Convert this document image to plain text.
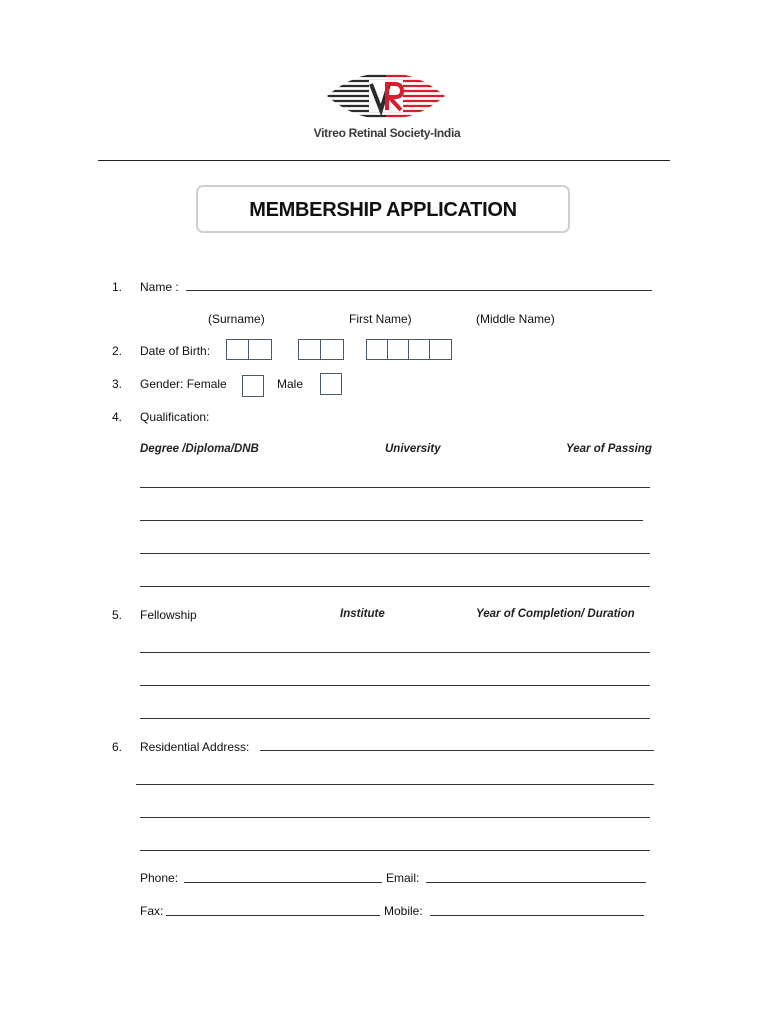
Vitreo Retinal Society-India
MEMBERSHIP APPLICATION
1. Name :
(Surname)	First Name)	(Middle Name)
2. Date of Birth:
3. Gender: Female	Male
4. Qualification:
Degree /Diploma/DNB	University	Year of Passing
5. Fellowship	Institute	Year of Completion/ Duration
6. Residential Address:
Phone:	Email:
Fax:	Mobile:
